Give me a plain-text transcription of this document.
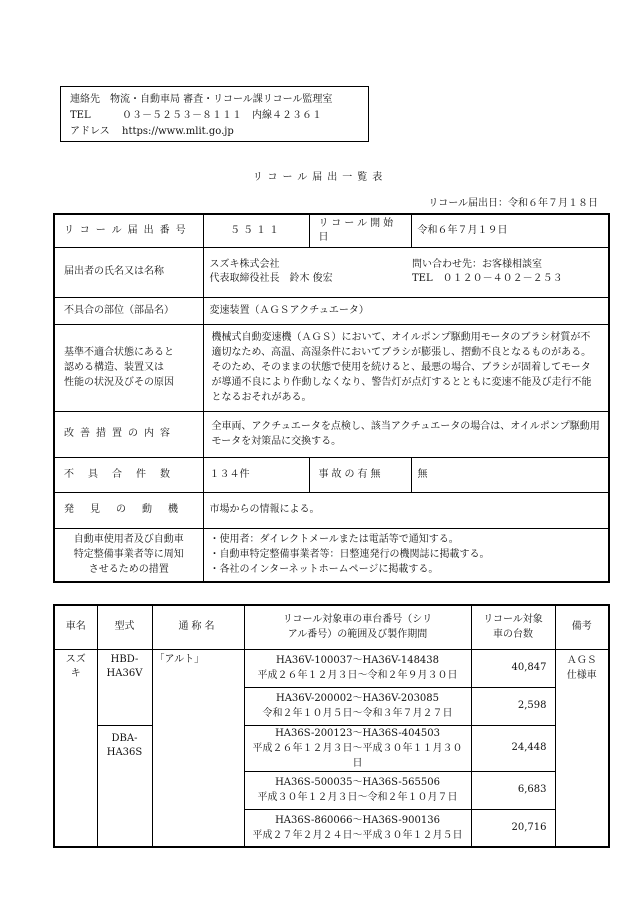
連絡先　物流・自動車局 審査・リコール課リコール監理室
TEL	０３－５２５３－８１１１　内線４２３６１
アドレス https://www.mlit.go.jp
リコール届出一覧表
リコール届出日：令和６年７月１８日
リコール届出番号	５５１１	リコール開始日	令和６年７月１９日
届出者の氏名又は名称	スズキ株式会社 問い合わせ先：お客様相談室
代表取締役社長　鈴木 俊宏 TEL　０１２０－４０２－２５３		

不具合の部位（部品名）	変速装置（ＡＧＳアクチュエータ）		

基準不適合状態にあると
認める構造、装置又は
性能の状況及びその原因	機械式自動変速機（ＡＧＳ）において、オイルポンプ駆動用モータのブラシ材質が不適切なため、高温、高湿条件においてブラシが膨張し、摺動不良となるものがある。そのため、そのままの状態で使用を続けると、最悪の場合、ブラシが固着してモータが導通不良により作動しなくなり、警告灯が点灯するとともに変速不能及び走行不能となるおそれがある。		
改善措置の内容	全車両、アクチュエータを点検し、該当アクチュエータの場合は、オイルポンプ駆動用モータを対策品に交換する。		
不具合件数	１３４件	事故の有無	無
発見の動機	市場からの情報による。		

自動車使用者及び自動車
特定整備事業者等に周知
させるための措置	・使用者：ダイレクトメールまたは電話等で通知する。
・自動車特定整備事業者等：日整連発行の機関誌に掲載する。
・各社のインターネットホームページに掲載する。		
車名	型式	通称名	リコール対象車の車台番号（シリ
アル番号）の範囲及び製作期間	リコール対象
車の台数	備考
スズキ	HBD-HA36V	「アルト」	HA36V-100037～HA36V-148438
平成２６年１２月３日～令和２年９月３０日	40,847	ＡＧＳ
仕様車

			HA36V-200002～HA36V-203085
令和２年１０月５日～令和３年７月２７日	2,598	
	DBA-HA36S		HA36S-200123～HA36S-404503
平成２６年１２月３日～平成３０年１１月３０日	24,448	

			HA36S-500035～HA36S-565506
平成３０年１２月３日～令和２年１０月７日	6,683	

			HA36S-860066～HA36S-900136
平成２７年２月２４日～平成３０年１２月５日	20,716	
